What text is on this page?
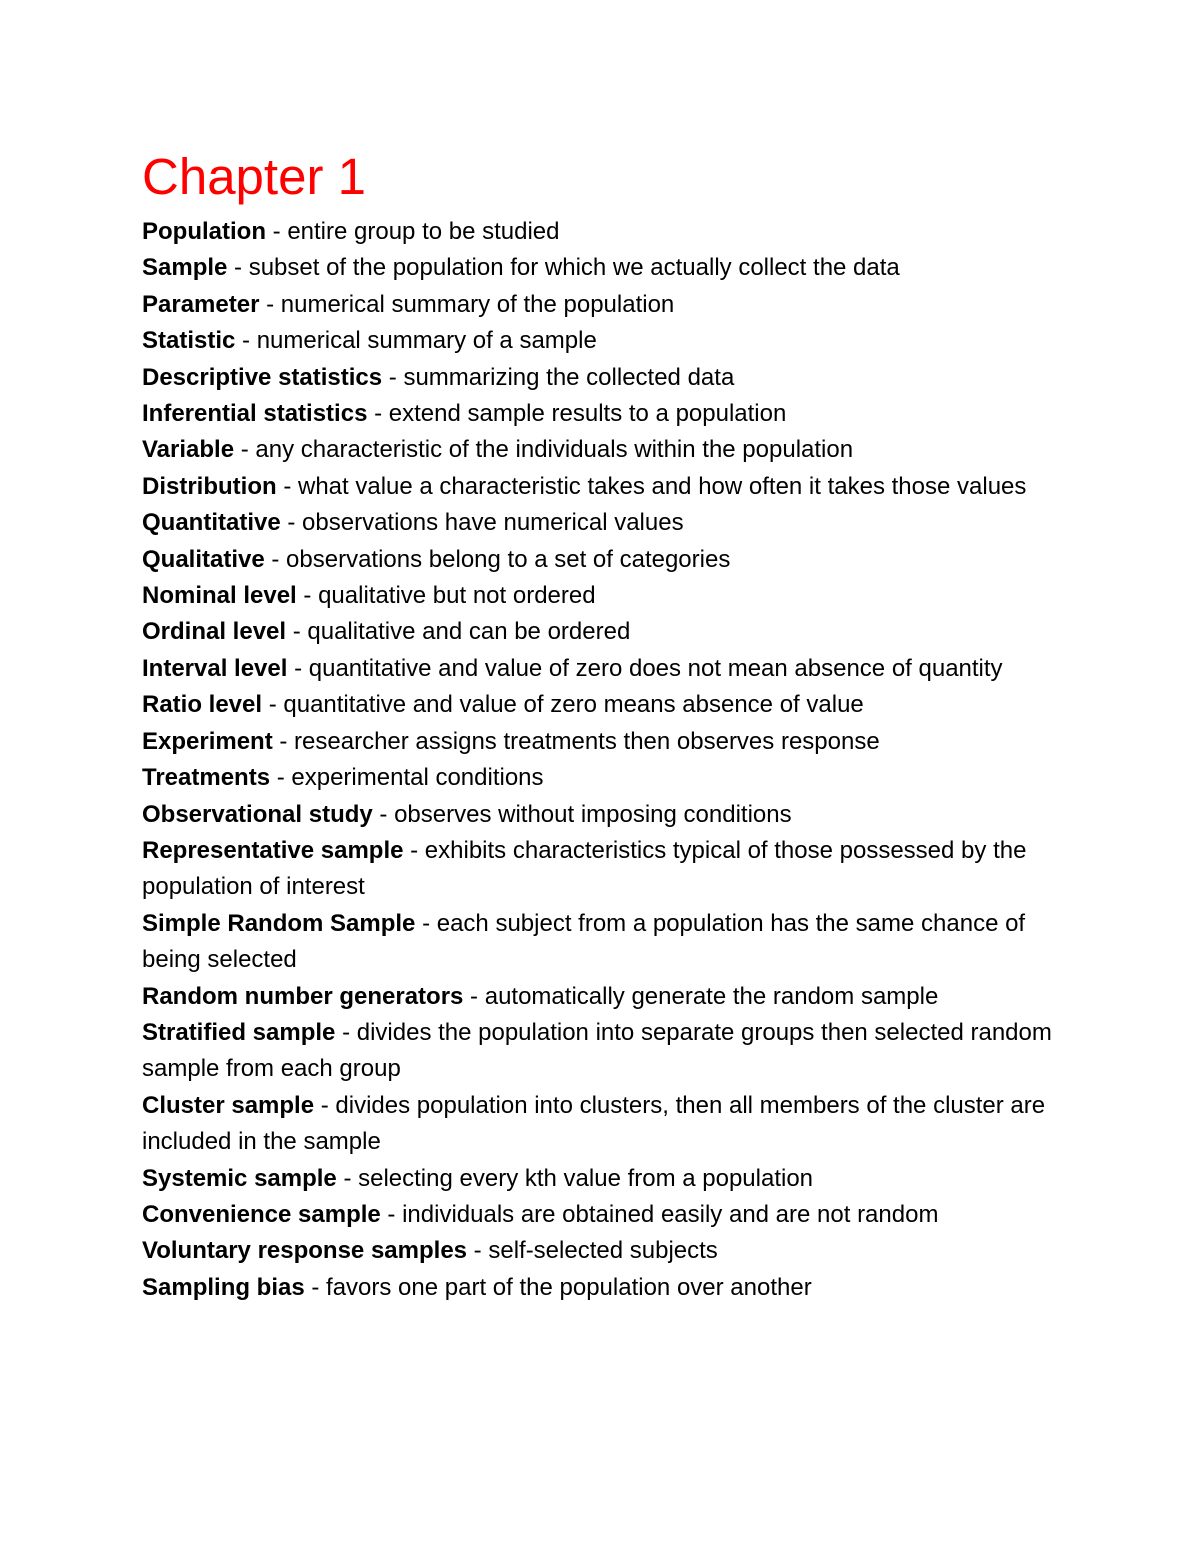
Chapter 1
Population - entire group to be studied
Sample - subset of the population for which we actually collect the data
Parameter - numerical summary of the population
Statistic - numerical summary of a sample
Descriptive statistics - summarizing the collected data
Inferential statistics - extend sample results to a population
Variable - any characteristic of the individuals within the population
Distribution - what value a characteristic takes and how often it takes those values
Quantitative - observations have numerical values
Qualitative - observations belong to a set of categories
Nominal level - qualitative but not ordered
Ordinal level - qualitative and can be ordered
Interval level - quantitative and value of zero does not mean absence of quantity
Ratio level - quantitative and value of zero means absence of value
Experiment - researcher assigns treatments then observes response
Treatments - experimental conditions
Observational study - observes without imposing conditions
Representative sample - exhibits characteristics typical of those possessed by the population of interest
Simple Random Sample - each subject from a population has the same chance of being selected
Random number generators - automatically generate the random sample
Stratified sample - divides the population into separate groups then selected random sample from each group
Cluster sample - divides population into clusters, then all members of the cluster are included in the sample
Systemic sample - selecting every kth value from a population
Convenience sample - individuals are obtained easily and are not random
Voluntary response samples - self-selected subjects
Sampling bias - favors one part of the population over another
